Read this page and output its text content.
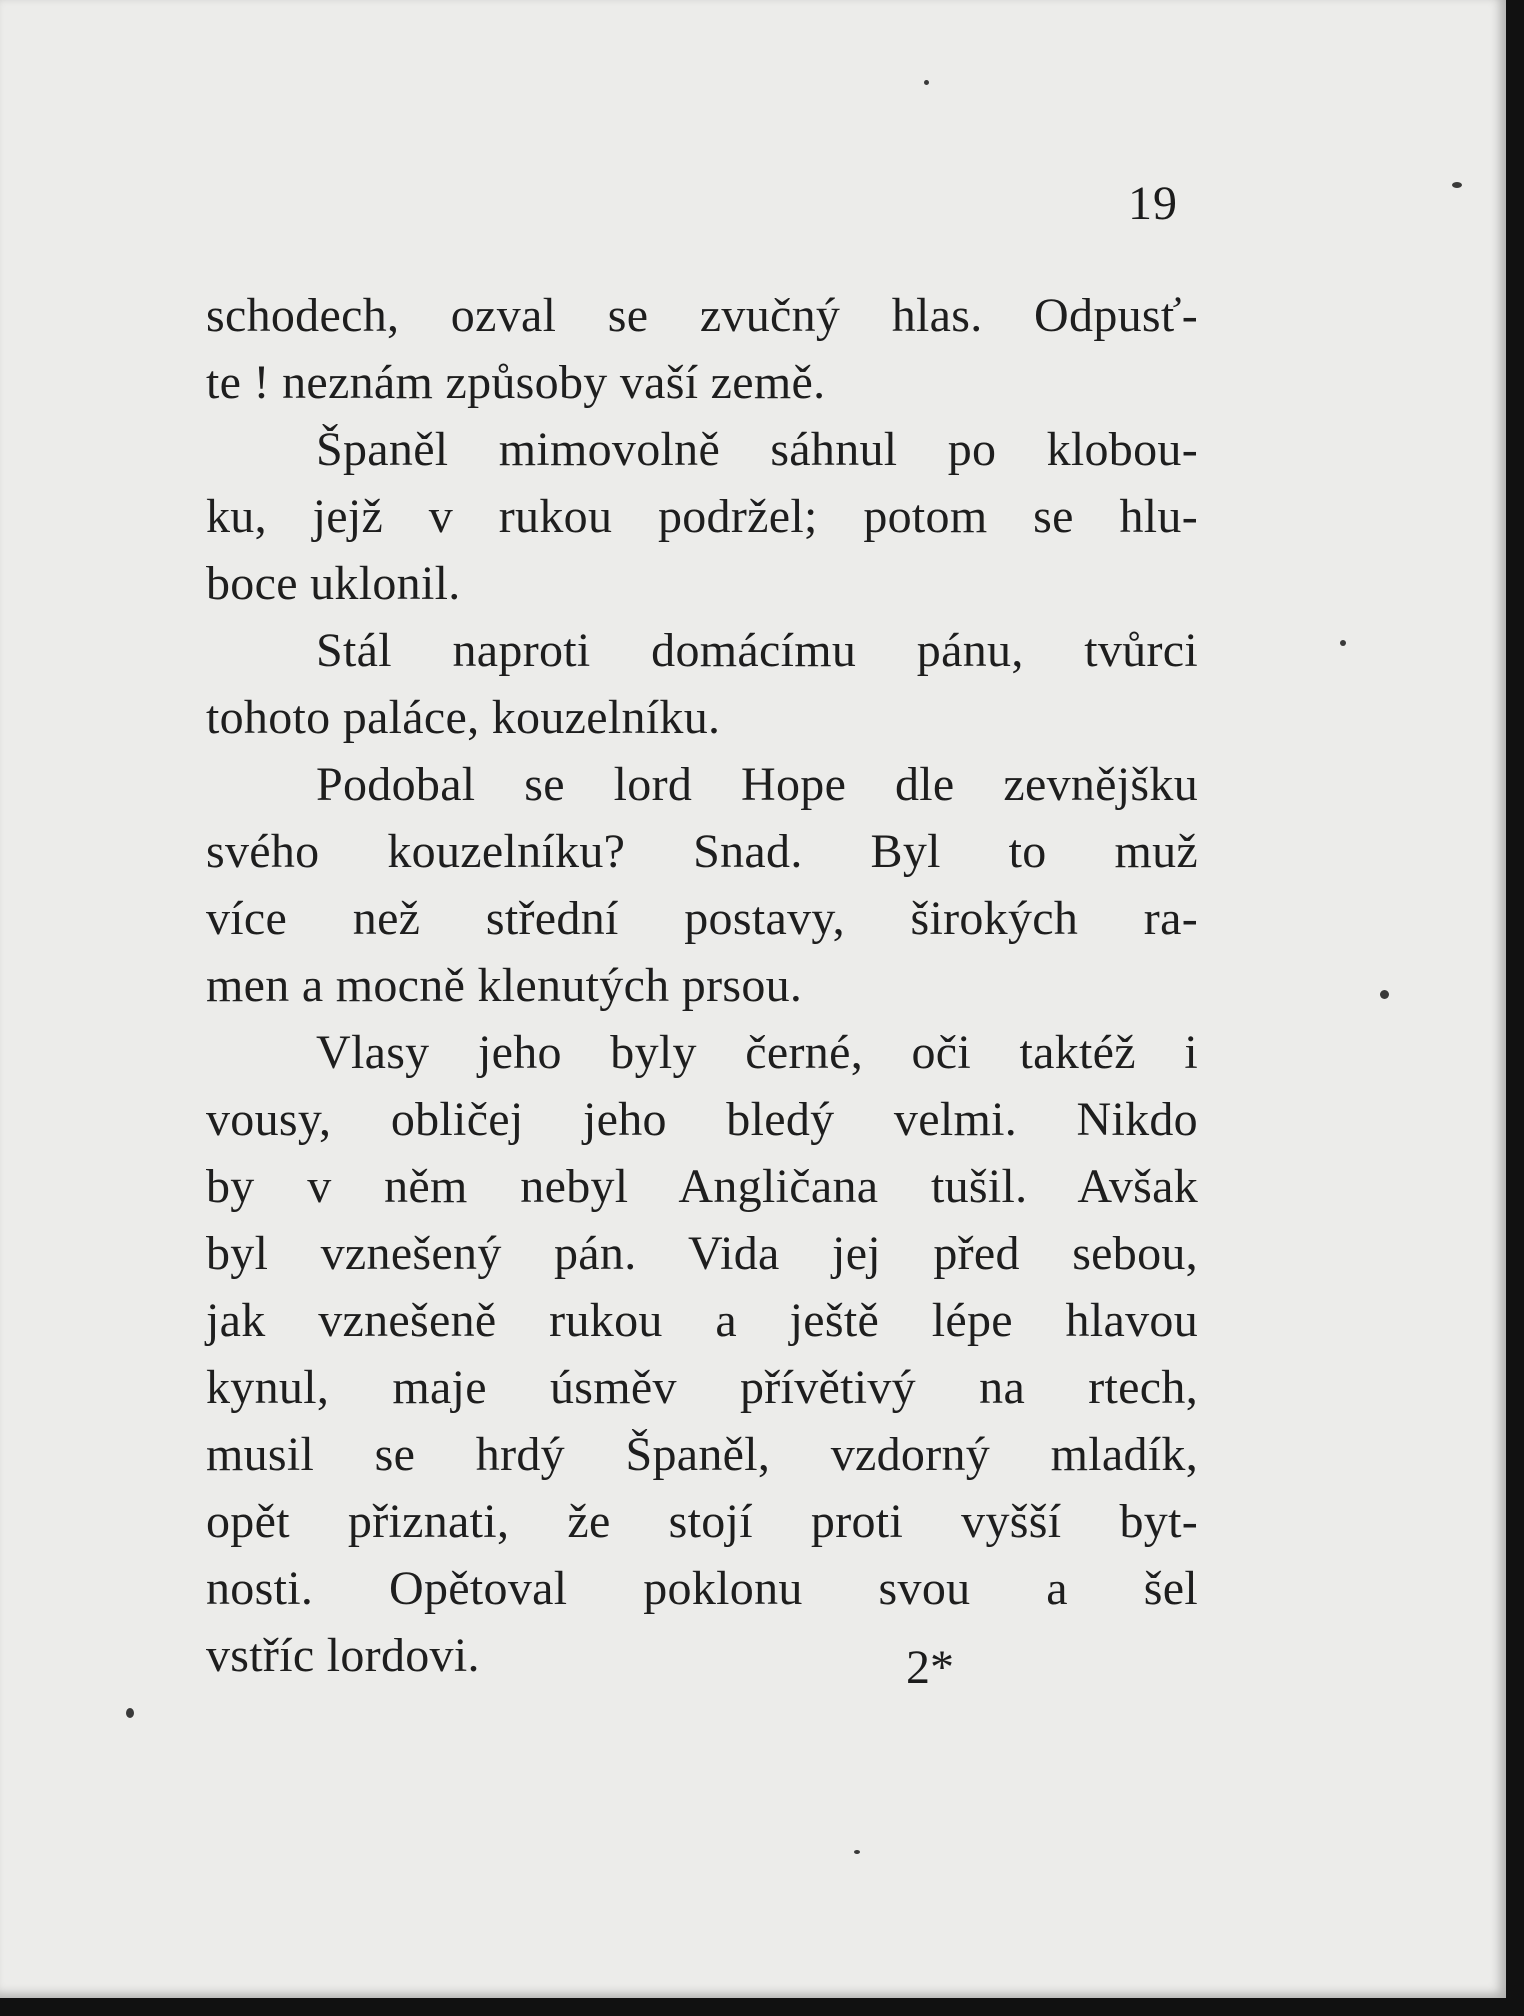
19
schodech, ozval se zvučný hlas. Odpusť-
te ! neznám způsoby vaší země.
Španěl mimovolně sáhnul po klobou-
ku, jejž v rukou podržel; potom se hlu-
boce uklonil.
Stál naproti domácímu pánu, tvůrci
tohoto paláce, kouzelníku.
Podobal se lord Hope dle zevnějšku
svého kouzelníku? Snad. Byl to muž
více než střední postavy, širokých ra-
men a mocně klenutých prsou.
Vlasy jeho byly černé, oči taktéž i
vousy, obličej jeho bledý velmi. Nikdo
by v něm nebyl Angličana tušil. Avšak
byl vznešený pán. Vida jej před sebou,
jak vznešeně rukou a ještě lépe hlavou
kynul, maje úsměv přívětivý na rtech,
musil se hrdý Španěl, vzdorný mladík,
opět přiznati, že stojí proti vyšší byt-
nosti. Opětoval poklonu svou a šel
vstříc lordovi.	2*
